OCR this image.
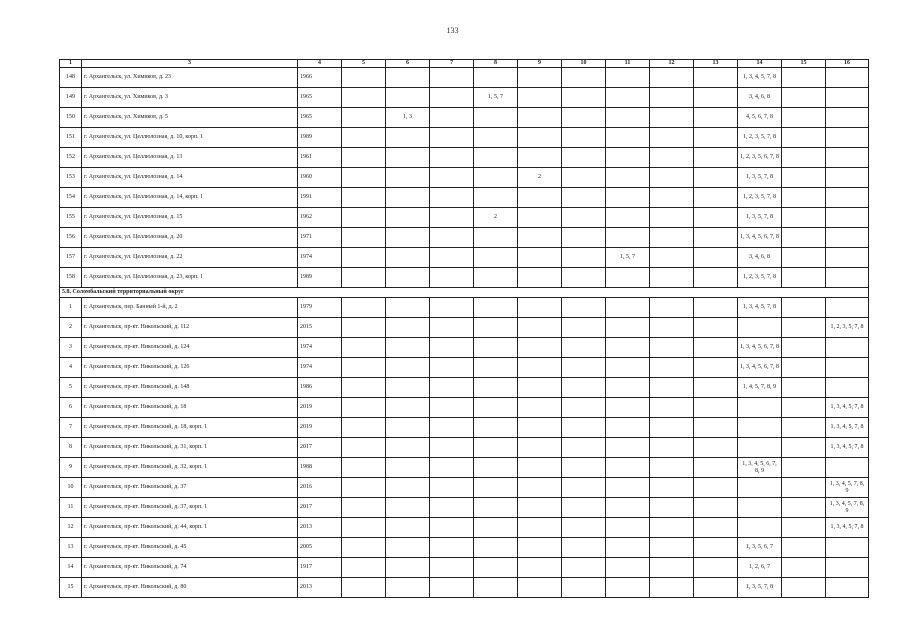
133
1	3	4	5	6	7	8	9	10	11	12	13	14	15	16
148	г. Архангельск, ул. Химиков, д. 23	1966										1, 3, 4, 5, 7, 8		
149	г. Архангельск, ул. Химиков, д. 3	1965				1, 5, 7						3, 4, 6, 8		
150	г. Архангельск, ул. Химиков, д. 5	1965		1, 3								4, 5, 6, 7, 8		
151	г. Архангельск, ул. Целлюлозная, д. 10, корп. 1	1989										1, 2, 3, 5, 7, 8		
152	г. Архангельск, ул. Целлюлозная, д. 13	1961										1, 2, 3, 5, 6, 7, 8		
153	г. Архангельск, ул. Целлюлозная, д. 14	1960					2					1, 3, 5, 7, 8		
154	г. Архангельск, ул. Целлюлозная, д. 14, корп. 1	1991										1, 2, 3, 5, 7, 8		
155	г. Архангельск, ул. Целлюлозная, д. 15	1962				2						1, 3, 5, 7, 8		
156	г. Архангельск, ул. Целлюлозная, д. 20	1971										1, 3, 4, 5, 6, 7, 8		
157	г. Архангельск, ул. Целлюлозная, д. 22	1974							1, 5, 7			3, 4, 6, 8		
158	г. Архангельск, ул. Целлюлозная, д. 23, корп. 1	1989										1, 2, 3, 5, 7, 8		
5.8. Соломбальский территориальный округ														
1	г. Архангельск, пер. Банный 1-й, д. 2	1979										1, 3, 4, 5, 7, 8		
2	г. Архангельск, пр-кт. Никольский, д. 112	2015												1, 2, 3, 5, 7, 8
3	г. Архангельск, пр-кт. Никольский, д. 124	1974										1, 3, 4, 5, 6, 7, 8		
4	г. Архангельск, пр-кт. Никольский, д. 126	1974										1, 3, 4, 5, 6, 7, 8		
5	г. Архангельск, пр-кт. Никольский, д. 148	1986										1, 4, 5, 7, 8, 9		
6	г. Архангельск, пр-кт. Никольский, д. 18	2019												1, 3, 4, 5, 7, 8
7	г. Архангельск, пр-кт. Никольский, д. 18, корп. 1	2019												1, 3, 4, 5, 7, 8
8	г. Архангельск, пр-кт. Никольский, д. 31, корп. 1	2017												1, 3, 4, 5, 7, 8
9	г. Архангельск, пр-кт. Никольский, д. 32, корп. 1	1988										1, 3, 4, 5, 6, 7, 8, 9		
10	г. Архангельск, пр-кт. Никольский, д. 37	2016												1, 3, 4, 5, 7, 8, 9
11	г. Архангельск, пр-кт. Никольский, д. 37, корп. 1	2017												1, 3, 4, 5, 7, 8, 9
12	г. Архангельск, пр-кт. Никольский, д. 44, корп. 1	2013												1, 3, 4, 5, 7, 8
13	г. Архангельск, пр-кт. Никольский, д. 45	2005										1, 3, 5, 6, 7		
14	г. Архангельск, пр-кт. Никольский, д. 74	1917										1, 2, 6, 7		
15	г. Архангельск, пр-кт. Никольский, д. 80	2013										1, 3, 5, 7, 8		
